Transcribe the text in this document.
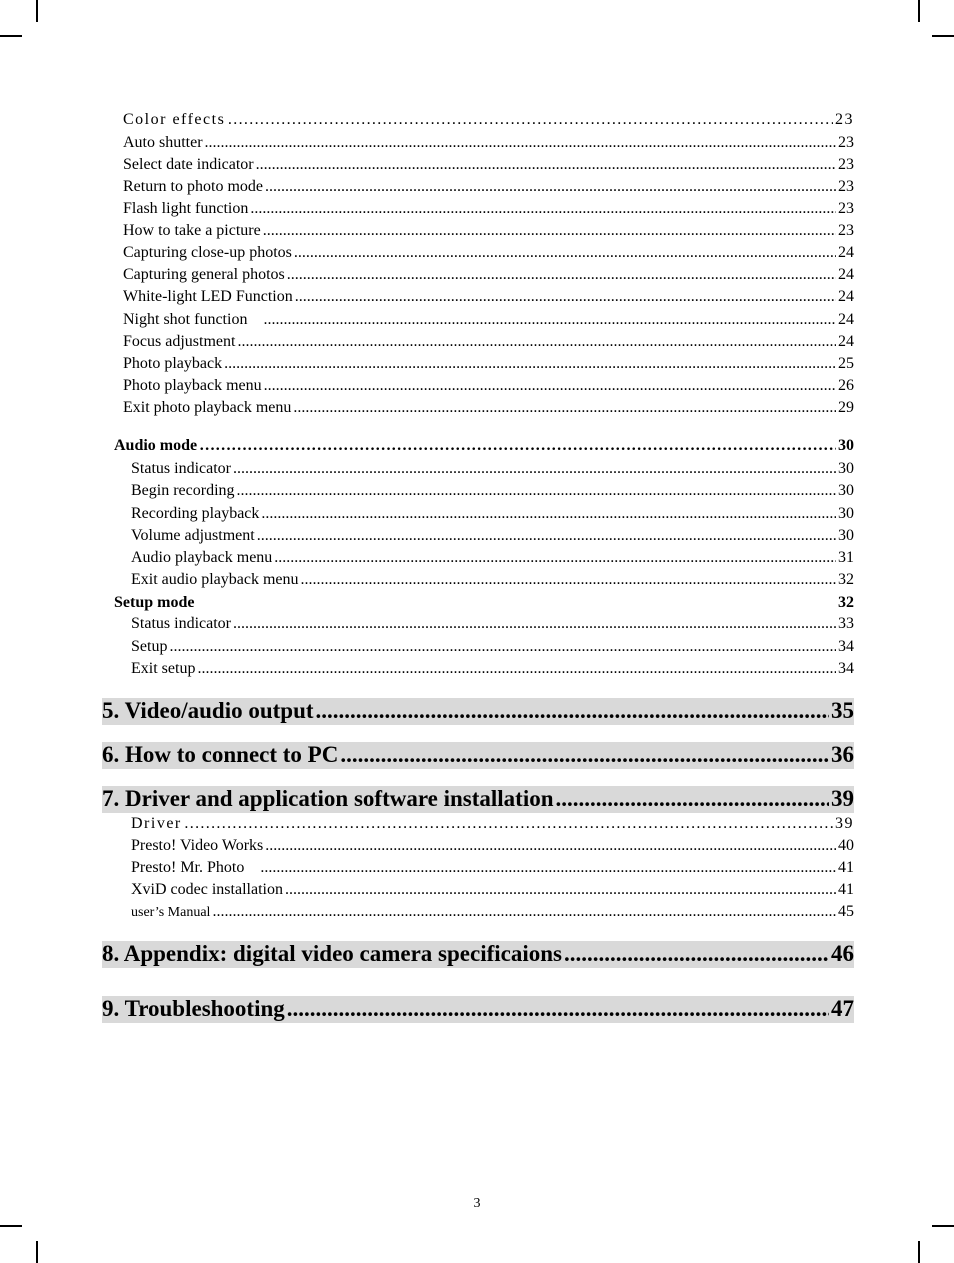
Color effects ……………………………………………………………………………………………………………………………………………………………	23
Auto shutter .....	23
Select date indicator .....	23
Return to photo mode .....	23
Flash light function .....	23
How to take a picture .....	23
Capturing close-up photos .....	24
Capturing general photos .....	24
White-light LED Function .....	24
Night shot function .....	24
Focus adjustment .....	24
Photo playback .....	25
Photo playback menu .....	26
Exit photo playback menu .....	29
Audio mode ……………………………………………………………………………………………………………………………………………………………	30
Status indicator .....	30
Begin recording .....	30
Recording playback .....	30
Volume adjustment .....	30
Audio playback menu .....	31
Exit audio playback menu .....	32
Setup mode	32
Status indicator .....	33
Setup .....	34
Exit setup .....	34
5. Video/audio output .....	35
6. How to connect to PC .....	36
7. Driver and application software installation .....	39
Driver ……………………………………………………………………………………………………………………………………………………………	39
Presto! Video Works .....	40
Presto! Mr. Photo .....	41
XviD codec installation .....	41
user’s Manual .....	45
8. Appendix: digital video camera specificaions .....	46
9. Troubleshooting .....	47
3
